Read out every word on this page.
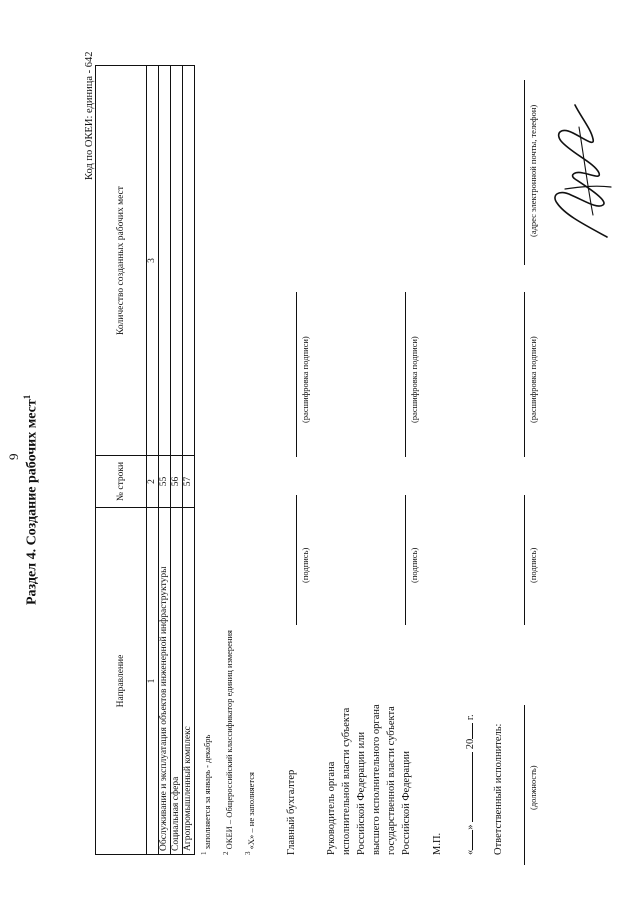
9 Раздел 4. Создание рабочих мест$^1$
Код по ОКЕИ: единица - 642
Направление	№ строки	Количество созданных рабочих мест
1	2	3
Обслуживание и эксплуатация объектов инженерной инфраструктуры	55	
Социальная сфера	56	
Агропромышленный комплекс	57	
$^1$ заполняется за январь - декабрь
$^2$ ОКЕИ – Общероссийский классификатор единиц измерения
$^3$ «Х» – не заполняется	Главный бухгалтер
(подпись)
(расшифровка подписи)
Руководитель органа исполнительной власти субъекта Российской Федерации или высшего исполнительного органа государственной власти субъекта Российской Федерации
(подпись)
(расшифровка подписи)
М.П. «»  20 г.
Ответственный исполнитель:	(должность)
(подпись)
(расшифровка подписи)
(адрес электронной почты, телефон)
